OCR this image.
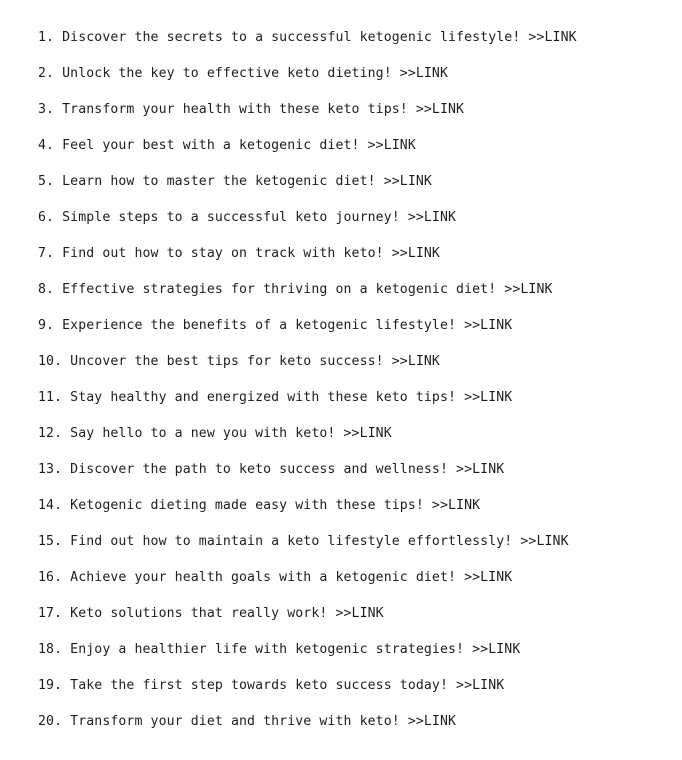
1. Discover the secrets to a successful ketogenic lifestyle! >>LINK
2. Unlock the key to effective keto dieting! >>LINK
3. Transform your health with these keto tips! >>LINK
4. Feel your best with a ketogenic diet! >>LINK
5. Learn how to master the ketogenic diet! >>LINK
6. Simple steps to a successful keto journey! >>LINK
7. Find out how to stay on track with keto! >>LINK
8. Effective strategies for thriving on a ketogenic diet! >>LINK
9. Experience the benefits of a ketogenic lifestyle! >>LINK
10. Uncover the best tips for keto success! >>LINK
11. Stay healthy and energized with these keto tips! >>LINK
12. Say hello to a new you with keto! >>LINK
13. Discover the path to keto success and wellness! >>LINK
14. Ketogenic dieting made easy with these tips! >>LINK
15. Find out how to maintain a keto lifestyle effortlessly! >>LINK
16. Achieve your health goals with a ketogenic diet! >>LINK
17. Keto solutions that really work! >>LINK
18. Enjoy a healthier life with ketogenic strategies! >>LINK
19. Take the first step towards keto success today! >>LINK
20. Transform your diet and thrive with keto! >>LINK
